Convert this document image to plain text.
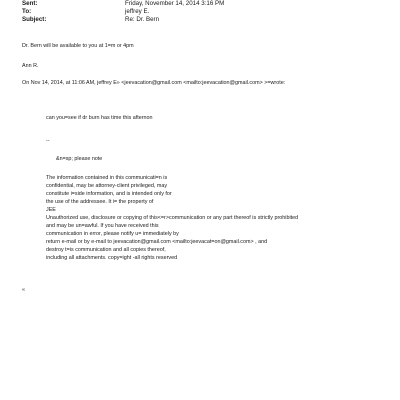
Sent:	Friday, November 14, 2014 3:16 PM
To:	jeffrey E.
Subject:	Re: Dr. Bern
Dr. Bern will be available to you at 1=m or 4pm
Ann R.
On Nov 14, 2014, at 11:06 AM, jeffrey E» <jeevacation@gmail.com <mailto:jeevacation@gmail.com> >=wrote:
can you=see if dr burn has time this afternon
--
&n=sp; please note
The information contained in this communicati=n is
confidential, may be attorney-client privileged, may
constitute i=side information, and is intended only for
the use of the addressee. It i= the property of
JEE
Unauthorized use, disclosure or copying of this<=r>communication or any part thereof is strictly prohibited
and may be un=awful. If you have received this
communication in error, please notify u= immediately by
return e-mail or by e-mail to jeevacation@gmail.com <mailto:jeevacat=on@gmail.com> , and
destroy t=is communication and all copies thereof,
including all attachments. copy=ight -all rights reserved
«
